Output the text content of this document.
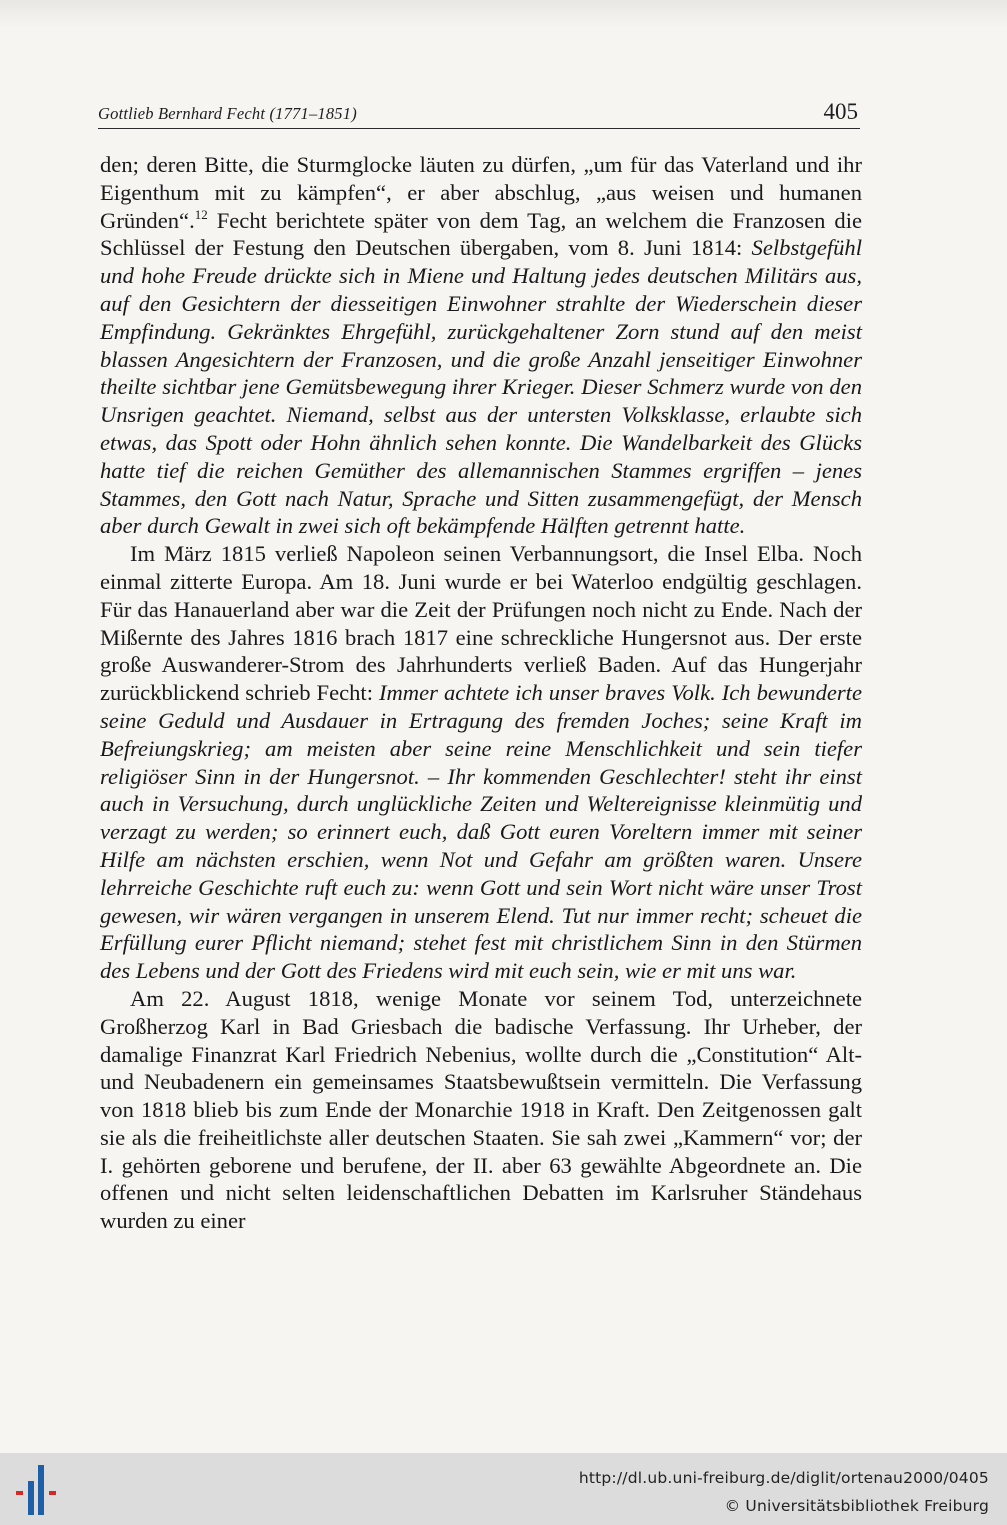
Gottlieb Bernhard Fecht (1771–1851)	405

den; deren Bitte, die Sturmglocke läuten zu dürfen, „um für das Vaterland und ihr Eigenthum mit zu kämpfen“, er aber abschlug, „aus weisen und humanen Gründen“.$^{12}$ Fecht berichtete später von dem Tag, an welchem die Franzosen die Schlüssel der Festung den Deutschen übergaben, vom 8. Juni 1814: Selbstgefühl und hohe Freude drückte sich in Miene und Haltung jedes deutschen Militärs aus, auf den Gesichtern der diesseitigen Einwohner strahlte der Wiederschein dieser Empfindung. Gekränktes Ehrgefühl, zurückgehaltener Zorn stund auf den meist blassen Angesichtern der Franzosen, und die große Anzahl jenseitiger Einwohner theilte sichtbar jene Gemütsbewegung ihrer Krieger. Dieser Schmerz wurde von den Unsrigen geachtet. Niemand, selbst aus der untersten Volksklasse, erlaubte sich etwas, das Spott oder Hohn ähnlich sehen konnte. Die Wandelbarkeit des Glücks hatte tief die reichen Gemüther des allemannischen Stammes ergriffen – jenes Stammes, den Gott nach Natur, Sprache und Sitten zusammengefügt, der Mensch aber durch Gewalt in zwei sich oft bekämpfende Hälften getrennt hatte.

Im März 1815 verließ Napoleon seinen Verbannungsort, die Insel Elba. Noch einmal zitterte Europa. Am 18. Juni wurde er bei Waterloo endgültig geschlagen. Für das Hanauerland aber war die Zeit der Prüfungen noch nicht zu Ende. Nach der Mißernte des Jahres 1816 brach 1817 eine schreckliche Hungersnot aus. Der erste große Auswanderer-Strom des Jahrhunderts verließ Baden. Auf das Hungerjahr zurückblickend schrieb Fecht: Immer achtete ich unser braves Volk. Ich bewunderte seine Geduld und Ausdauer in Ertragung des fremden Joches; seine Kraft im Befreiungskrieg; am meisten aber seine reine Menschlichkeit und sein tiefer religiöser Sinn in der Hungersnot. – Ihr kommenden Geschlechter! steht ihr einst auch in Versuchung, durch unglückliche Zeiten und Weltereignisse kleinmütig und verzagt zu werden; so erinnert euch, daß Gott euren Voreltern immer mit seiner Hilfe am nächsten erschien, wenn Not und Gefahr am größten waren. Unsere lehrreiche Geschichte ruft euch zu: wenn Gott und sein Wort nicht wäre unser Trost gewesen, wir wären vergangen in unserem Elend. Tut nur immer recht; scheuet die Erfüllung eurer Pflicht niemand; stehet fest mit christlichem Sinn in den Stürmen des Lebens und der Gott des Friedens wird mit euch sein, wie er mit uns war.

Am 22. August 1818, wenige Monate vor seinem Tod, unterzeichnete Großherzog Karl in Bad Griesbach die badische Verfassung. Ihr Urheber, der damalige Finanzrat Karl Friedrich Nebenius, wollte durch die „Constitution“ Alt- und Neubadenern ein gemeinsames Staatsbewußtsein vermitteln. Die Verfassung von 1818 blieb bis zum Ende der Monarchie 1918 in Kraft. Den Zeitgenossen galt sie als die freiheitlichste aller deutschen Staaten. Sie sah zwei „Kammern“ vor; der I. gehörten geborene und berufene, der II. aber 63 gewählte Abgeordnete an. Die offenen und nicht selten leidenschaftlichen Debatten im Karlsruher Ständehaus wurden zu einer

http://dl.ub.uni-freiburg.de/diglit/ortenau2000/0405
© Universitätsbibliothek Freiburg
